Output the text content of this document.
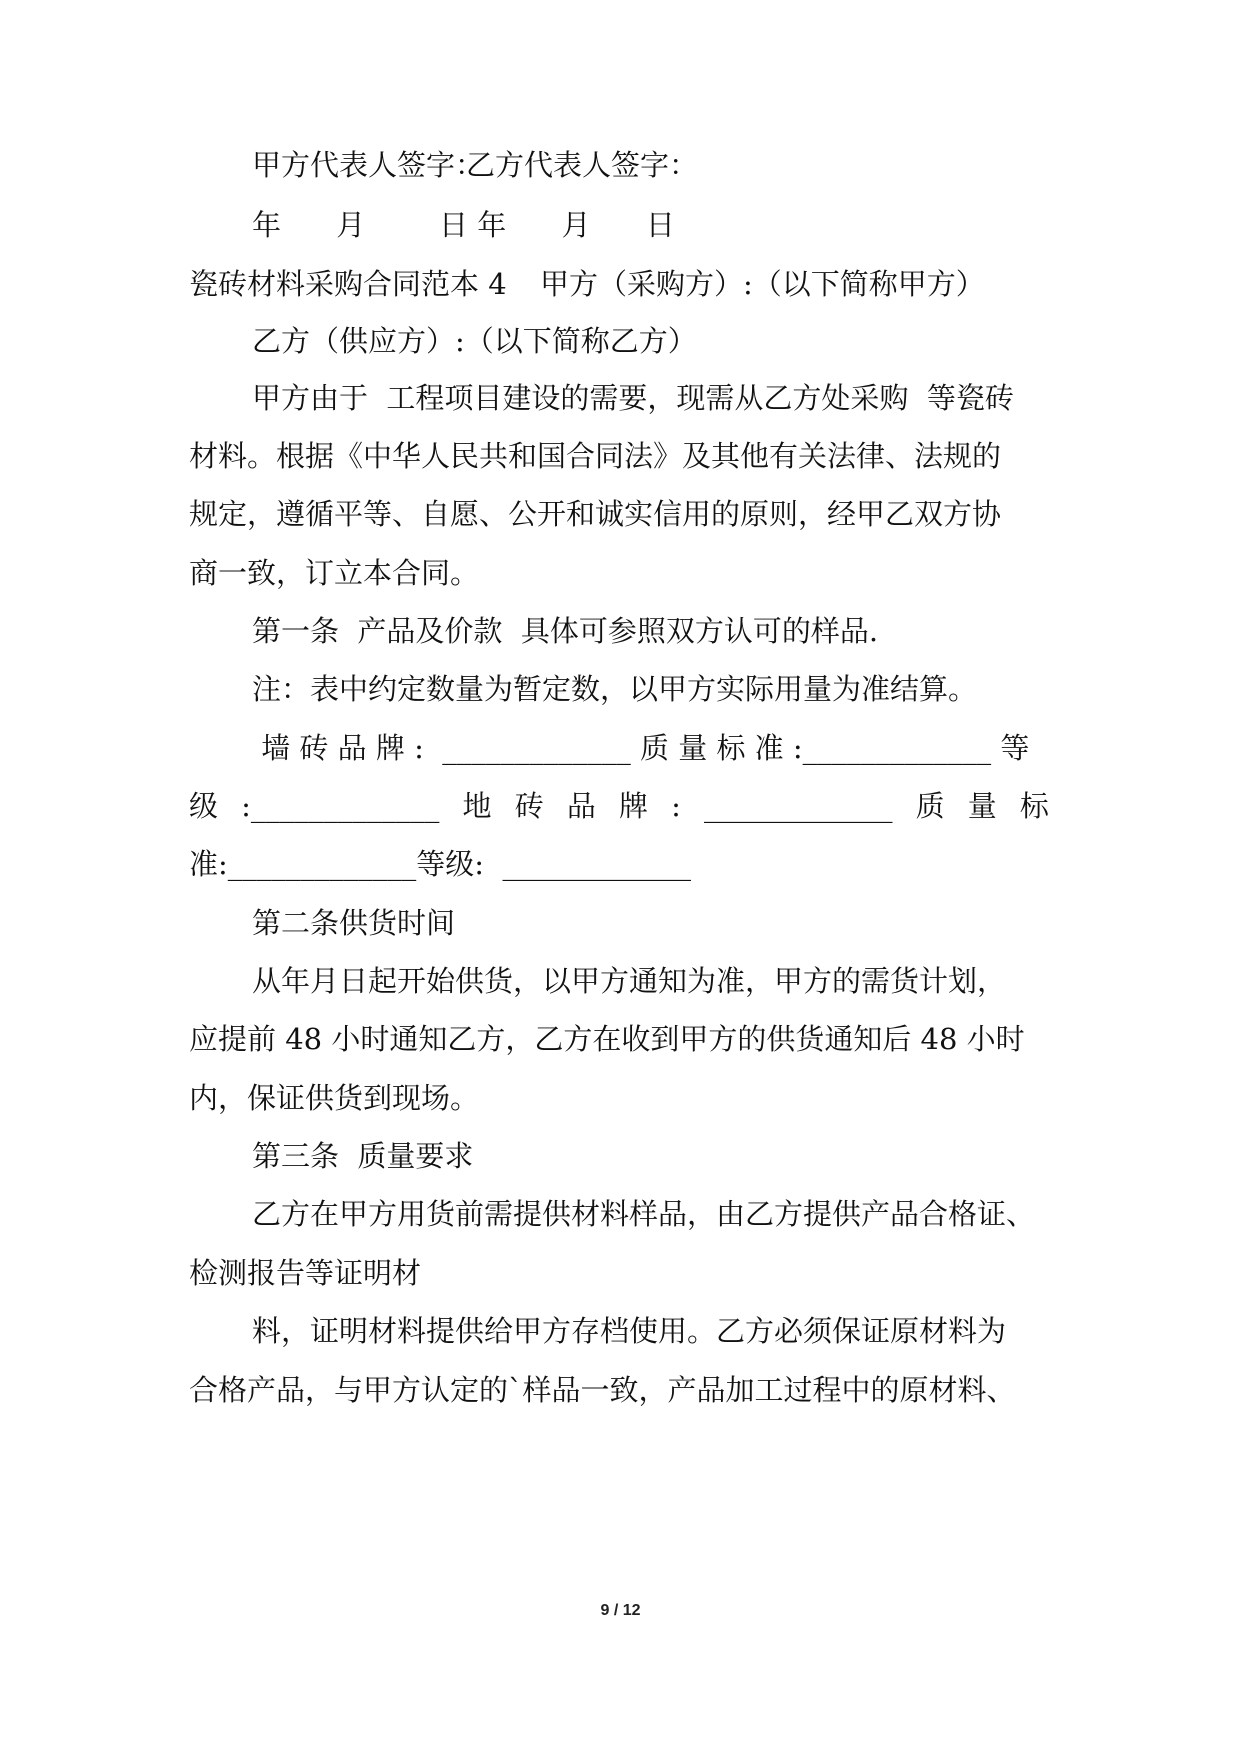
甲方代表人签字：
乙方代表人签字：
年      月        日 年      月      日
瓷砖材料采购合同范本 4 甲方（采购方）:（以下简称甲方）
乙方（供应方）:（以下简称乙方）
甲方由于  工程项目建设的需要，现需从乙方处采购  等瓷砖
材料。根据《中华人民共和国合同法》及其他有关法律、法规的
规定，遵循平等、自愿、公开和诚实信用的原则，经甲乙双方协
商一致，订立本合同。
第一条  产品及价款  具体可参照双方认可的样品.
注：表中约定数量为暂定数，以甲方实际用量为准结算。
墙 砖 品 牌 :  _____________ 质 量 标 准 :_____________ 等
级 :_____________ 地 砖 品 牌 : _____________ 质 量 标
准:_____________等级:  _____________
第二条供货时间
从年月日起开始供货，以甲方通知为准，甲方的需货计划，
应提前 48 小时通知乙方，乙方在收到甲方的供货通知后 48 小时
内，保证供货到现场。
第三条  质量要求
乙方在甲方用货前需提供材料样品，由乙方提供产品合格证、
检测报告等证明材
料，证明材料提供给甲方存档使用。乙方必须保证原材料为
合格产品，与甲方认定的`样品一致，产品加工过程中的原材料、
9 / 12
